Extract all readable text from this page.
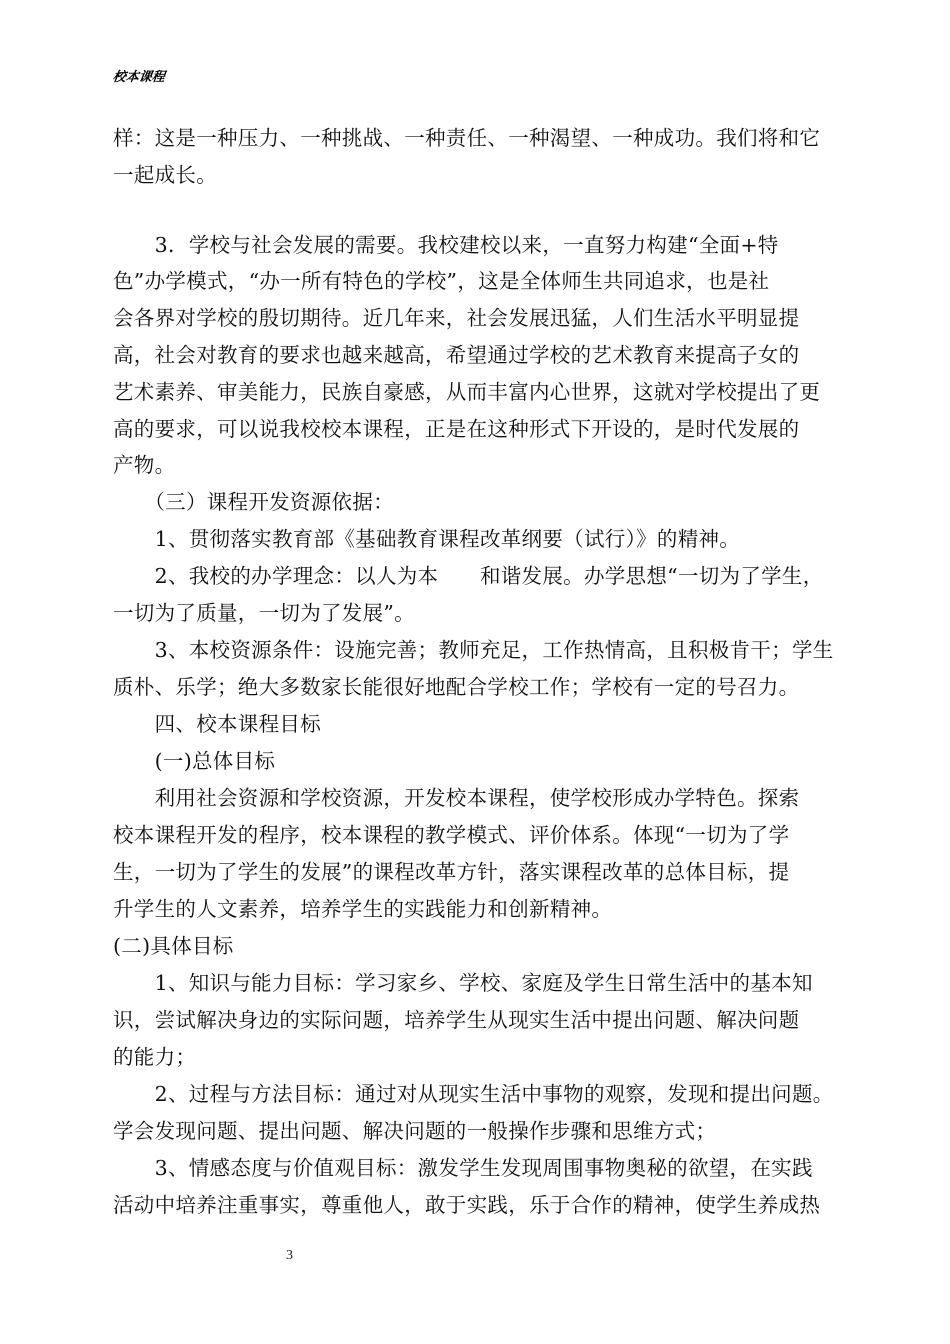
校本课程
样：这是一种压力、一种挑战、一种责任、一种渴望、一种成功。我们将和它
一起成长。
　　3．学校与社会发展的需要。我校建校以来，一直努力构建“全面+特
色”办学模式，“办一所有特色的学校”，这是全体师生共同追求，也是社
会各界对学校的殷切期待。近几年来，社会发展迅猛，人们生活水平明显提
高，社会对教育的要求也越来越高，希望通过学校的艺术教育来提高子女的
艺术素养、审美能力，民族自豪感，从而丰富内心世界，这就对学校提出了更
高的要求，可以说我校校本课程，正是在这种形式下开设的，是时代发展的
产物。
　　（三）课程开发资源依据：
　　1、贯彻落实教育部《基础教育课程改革纲要（试行）》的精神。
　　2、我校的办学理念：以人为本　　和谐发展。办学思想“一切为了学生，
一切为了质量，一切为了发展”。
　　3、本校资源条件：设施完善；教师充足，工作热情高，且积极肯干；学生
质朴、乐学；绝大多数家长能很好地配合学校工作；学校有一定的号召力。
　　四、校本课程目标
　　(一)总体目标
　　利用社会资源和学校资源，开发校本课程，使学校形成办学特色。探索
校本课程开发的程序，校本课程的教学模式、评价体系。体现“一切为了学
生，一切为了学生的发展”的课程改革方针，落实课程改革的总体目标，提
升学生的人文素养，培养学生的实践能力和创新精神。
(二)具体目标
　　1、知识与能力目标：学习家乡、学校、家庭及学生日常生活中的基本知
识，尝试解决身边的实际问题，培养学生从现实生活中提出问题、解决问题
的能力；
　　2、过程与方法目标：通过对从现实生活中事物的观察，发现和提出问题。
学会发现问题、提出问题、解决问题的一般操作步骤和思维方式；
　　3、情感态度与价值观目标：激发学生发现周围事物奥秘的欲望，在实践
活动中培养注重事实，尊重他人，敢于实践，乐于合作的精神，使学生养成热
3
